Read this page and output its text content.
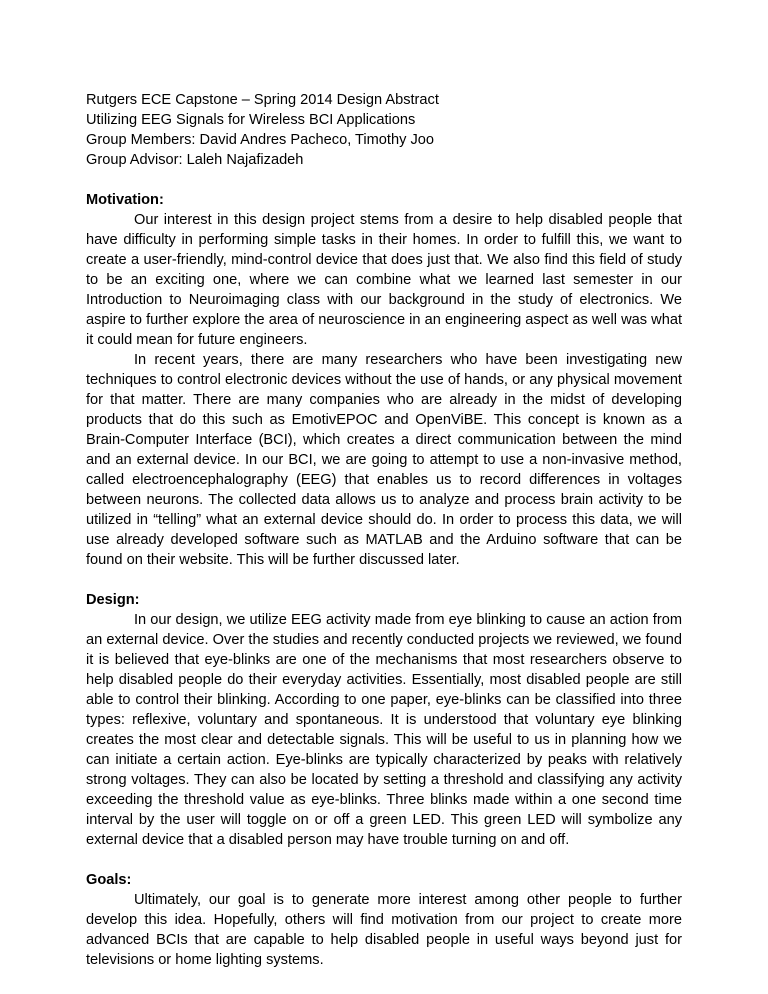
Rutgers ECE Capstone – Spring 2014 Design Abstract

Utilizing EEG Signals for Wireless BCI Applications

Group Members: David Andres Pacheco, Timothy Joo

Group Advisor: Laleh Najafizadeh

Motivation:

Our interest in this design project stems from a desire to help disabled people that have difficulty in performing simple tasks in their homes. In order to fulfill this, we want to create a user-friendly, mind-control device that does just that. We also find this field of study to be an exciting one, where we can combine what we learned last semester in our Introduction to Neuroimaging class with our background in the study of electronics. We aspire to further explore the area of neuroscience in an engineering aspect as well was what it could mean for future engineers.

In recent years, there are many researchers who have been investigating new techniques to control electronic devices without the use of hands, or any physical movement for that matter. There are many companies who are already in the midst of developing products that do this such as EmotivEPOC and OpenViBE. This concept is known as a Brain-Computer Interface (BCI), which creates a direct communication between the mind and an external device. In our BCI, we are going to attempt to use a non-invasive method, called electroencephalography (EEG) that enables us to record differences in voltages between neurons. The collected data allows us to analyze and process brain activity to be utilized in “telling” what an external device should do. In order to process this data, we will use already developed software such as MATLAB and the Arduino software that can be found on their website. This will be further discussed later.

Design:

In our design, we utilize EEG activity made from eye blinking to cause an action from an external device. Over the studies and recently conducted projects we reviewed, we found it is believed that eye-blinks are one of the mechanisms that most researchers observe to help disabled people do their everyday activities. Essentially, most disabled people are still able to control their blinking. According to one paper, eye-blinks can be classified into three types: reflexive, voluntary and spontaneous. It is understood that voluntary eye blinking creates the most clear and detectable signals. This will be useful to us in planning how we can initiate a certain action. Eye-blinks are typically characterized by peaks with relatively strong voltages. They can also be located by setting a threshold and classifying any activity exceeding the threshold value as eye-blinks. Three blinks made within a one second time interval by the user will toggle on or off a green LED. This green LED will symbolize any external device that a disabled person may have trouble turning on and off.

Goals:

Ultimately, our goal is to generate more interest among other people to further develop this idea. Hopefully, others will find motivation from our project to create more advanced BCIs that are capable to help disabled people in useful ways beyond just for televisions or home lighting systems.
